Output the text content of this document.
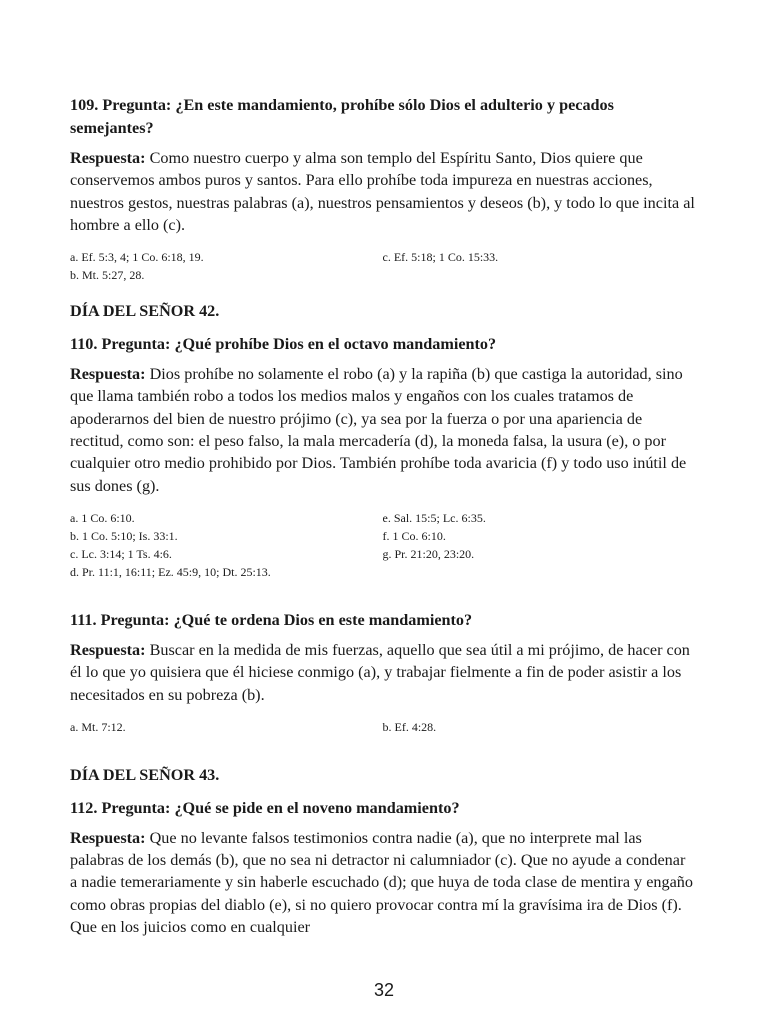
109. Pregunta: ¿En este mandamiento, prohíbe sólo Dios el adulterio y pecados semejantes?
Respuesta: Como nuestro cuerpo y alma son templo del Espíritu Santo, Dios quiere que conservemos ambos puros y santos. Para ello prohíbe toda impureza en nuestras acciones, nuestros gestos, nuestras palabras (a), nuestros pensamientos y deseos (b), y todo lo que incita al hombre a ello (c).
a. Ef. 5:3, 4; 1 Co. 6:18, 19.
b. Mt. 5:27, 28.
c. Ef. 5:18; 1 Co. 15:33.
DÍA DEL SEÑOR 42.
110. Pregunta: ¿Qué prohíbe Dios en el octavo mandamiento?
Respuesta: Dios prohíbe no solamente el robo (a) y la rapiña (b) que castiga la autoridad, sino que llama también robo a todos los medios malos y engaños con los cuales tratamos de apoderarnos del bien de nuestro prójimo (c), ya sea por la fuerza o por una apariencia de rectitud, como son: el peso falso, la mala mercadería (d), la moneda falsa, la usura (e), o por cualquier otro medio prohibido por Dios. También prohíbe toda avaricia (f) y todo uso inútil de sus dones (g).
a. 1 Co. 6:10.
b. 1 Co. 5:10; Is. 33:1.
c. Lc. 3:14; 1 Ts. 4:6.
d. Pr. 11:1, 16:11; Ez. 45:9, 10; Dt. 25:13.
e. Sal. 15:5; Lc. 6:35.
f. 1 Co. 6:10.
g. Pr. 21:20, 23:20.
111. Pregunta: ¿Qué te ordena Dios en este mandamiento?
Respuesta: Buscar en la medida de mis fuerzas, aquello que sea útil a mi prójimo, de hacer con él lo que yo quisiera que él hiciese conmigo (a), y trabajar fielmente a fin de poder asistir a los necesitados en su pobreza (b).
a. Mt. 7:12.	b. Ef. 4:28.
DÍA DEL SEÑOR 43.
112. Pregunta: ¿Qué se pide en el noveno mandamiento?
Respuesta: Que no levante falsos testimonios contra nadie (a), que no interprete mal las palabras de los demás (b), que no sea ni detractor ni calumniador (c). Que no ayude a condenar a nadie temerariamente y sin haberle escuchado (d); que huya de toda clase de mentira y engaño como obras propias del diablo (e), si no quiero provocar contra mí la gravísima ira de Dios (f). Que en los juicios como en cualquier
32
